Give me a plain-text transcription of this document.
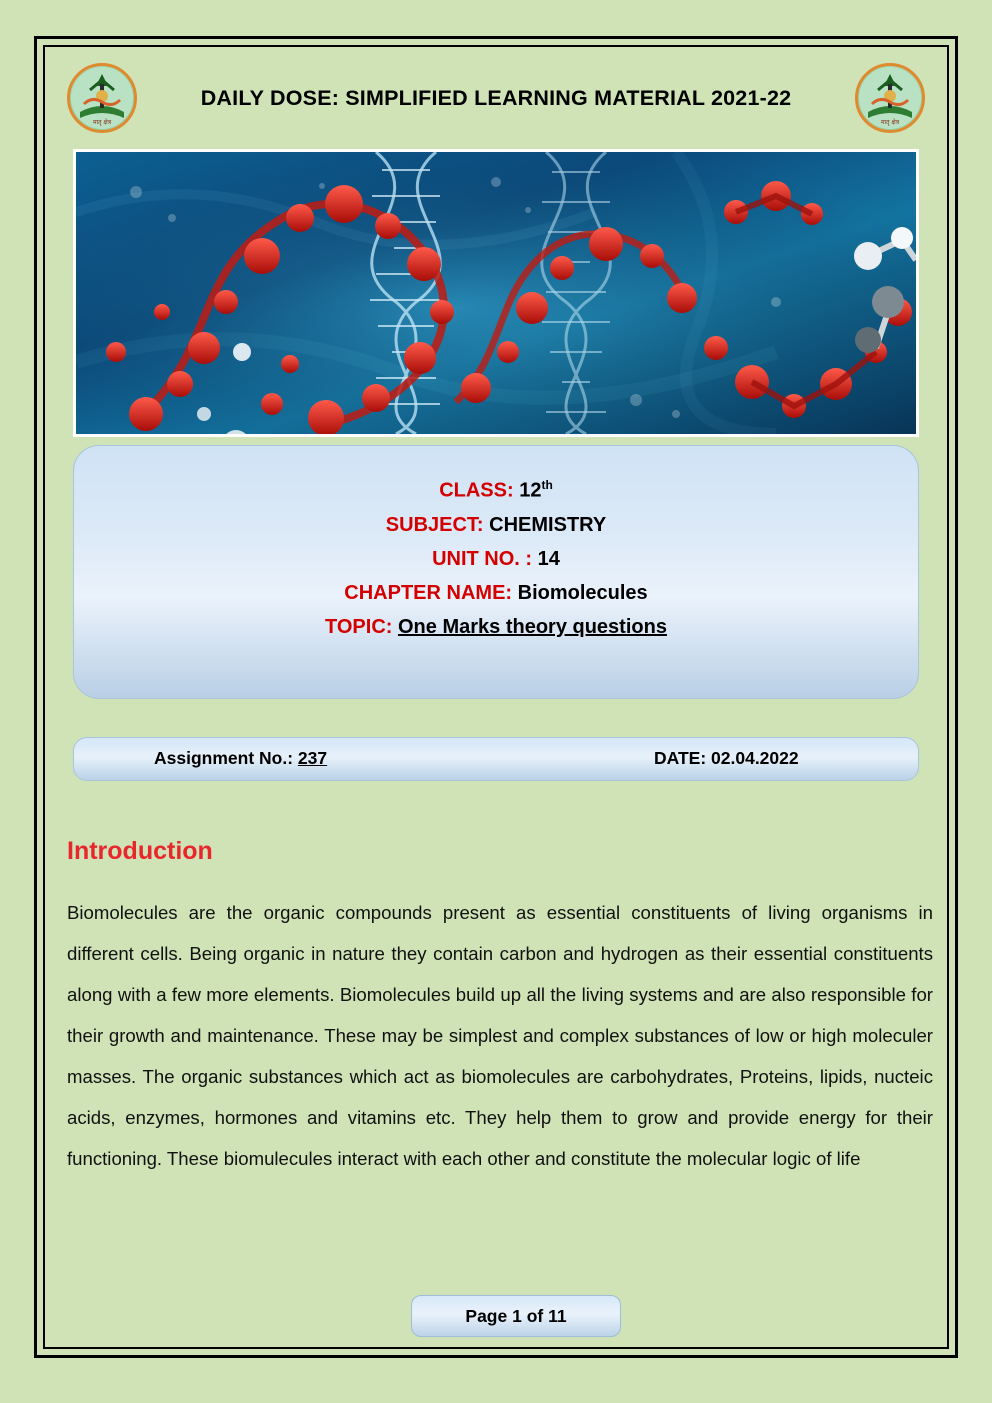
मातृ क्षेत्र
DAILY DOSE: SIMPLIFIED LEARNING MATERIAL 2021-22
मातृ क्षेत्र
CLASS: 12th
SUBJECT: CHEMISTRY
UNIT NO. : 14
CHAPTER NAME: Biomolecules
TOPIC: One Marks theory questions
Assignment No.: 237	DATE: 02.04.2022
Introduction
Biomolecules are the organic compounds present as essential constituents of living organisms in different cells. Being organic in nature they contain carbon and hydrogen as their essential constituents along with a few more elements. Biomolecules build up all the living systems and are also responsible for their growth and maintenance. These may be simplest and complex substances of low or high moleculer masses. The organic substances which act as biomolecules are carbohydrates, Proteins, lipids, nucteic acids, enzymes, hormones and vitamins etc. They help them to grow and provide energy for their functioning. These biomulecules interact with each other and constitute the molecular logic of life
Page 1 of 11
